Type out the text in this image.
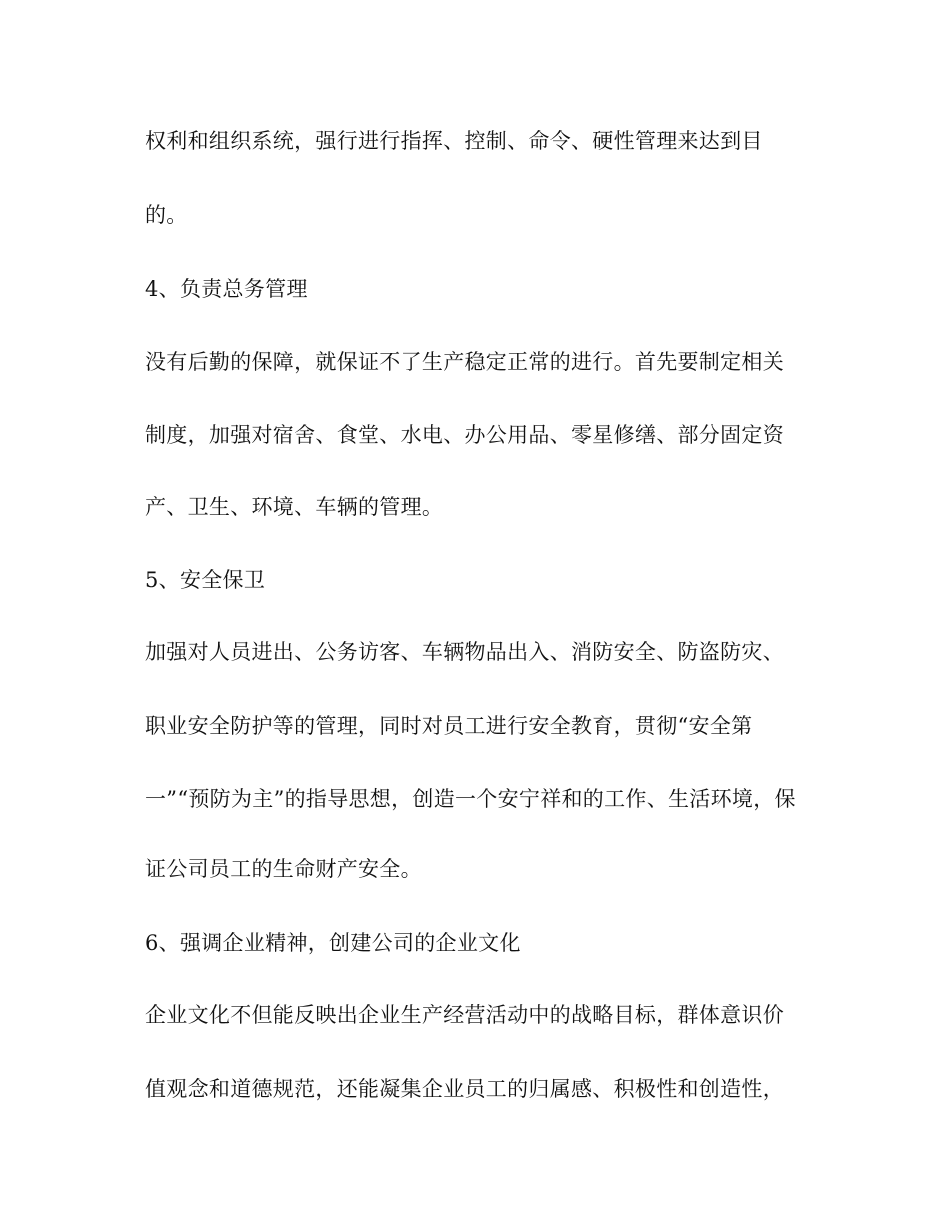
权利和组织系统，强行进行指挥、控制、命令、硬性管理来达到目
的。
4、负责总务管理
没有后勤的保障，就保证不了生产稳定正常的进行。首先要制定相关
制度，加强对宿舍、食堂、水电、办公用品、零星修缮、部分固定资
产、卫生、环境、车辆的管理。
5、安全保卫
加强对人员进出、公务访客、车辆物品出入、消防安全、防盗防灾、
职业安全防护等的管理，同时对员工进行安全教育，贯彻“安全第
一”“预防为主”的指导思想，创造一个安宁祥和的工作、生活环境，保
证公司员工的生命财产安全。
6、强调企业精神，创建公司的企业文化
企业文化不但能反映出企业生产经营活动中的战略目标，群体意识价
值观念和道德规范，还能凝集企业员工的归属感、积极性和创造性，
